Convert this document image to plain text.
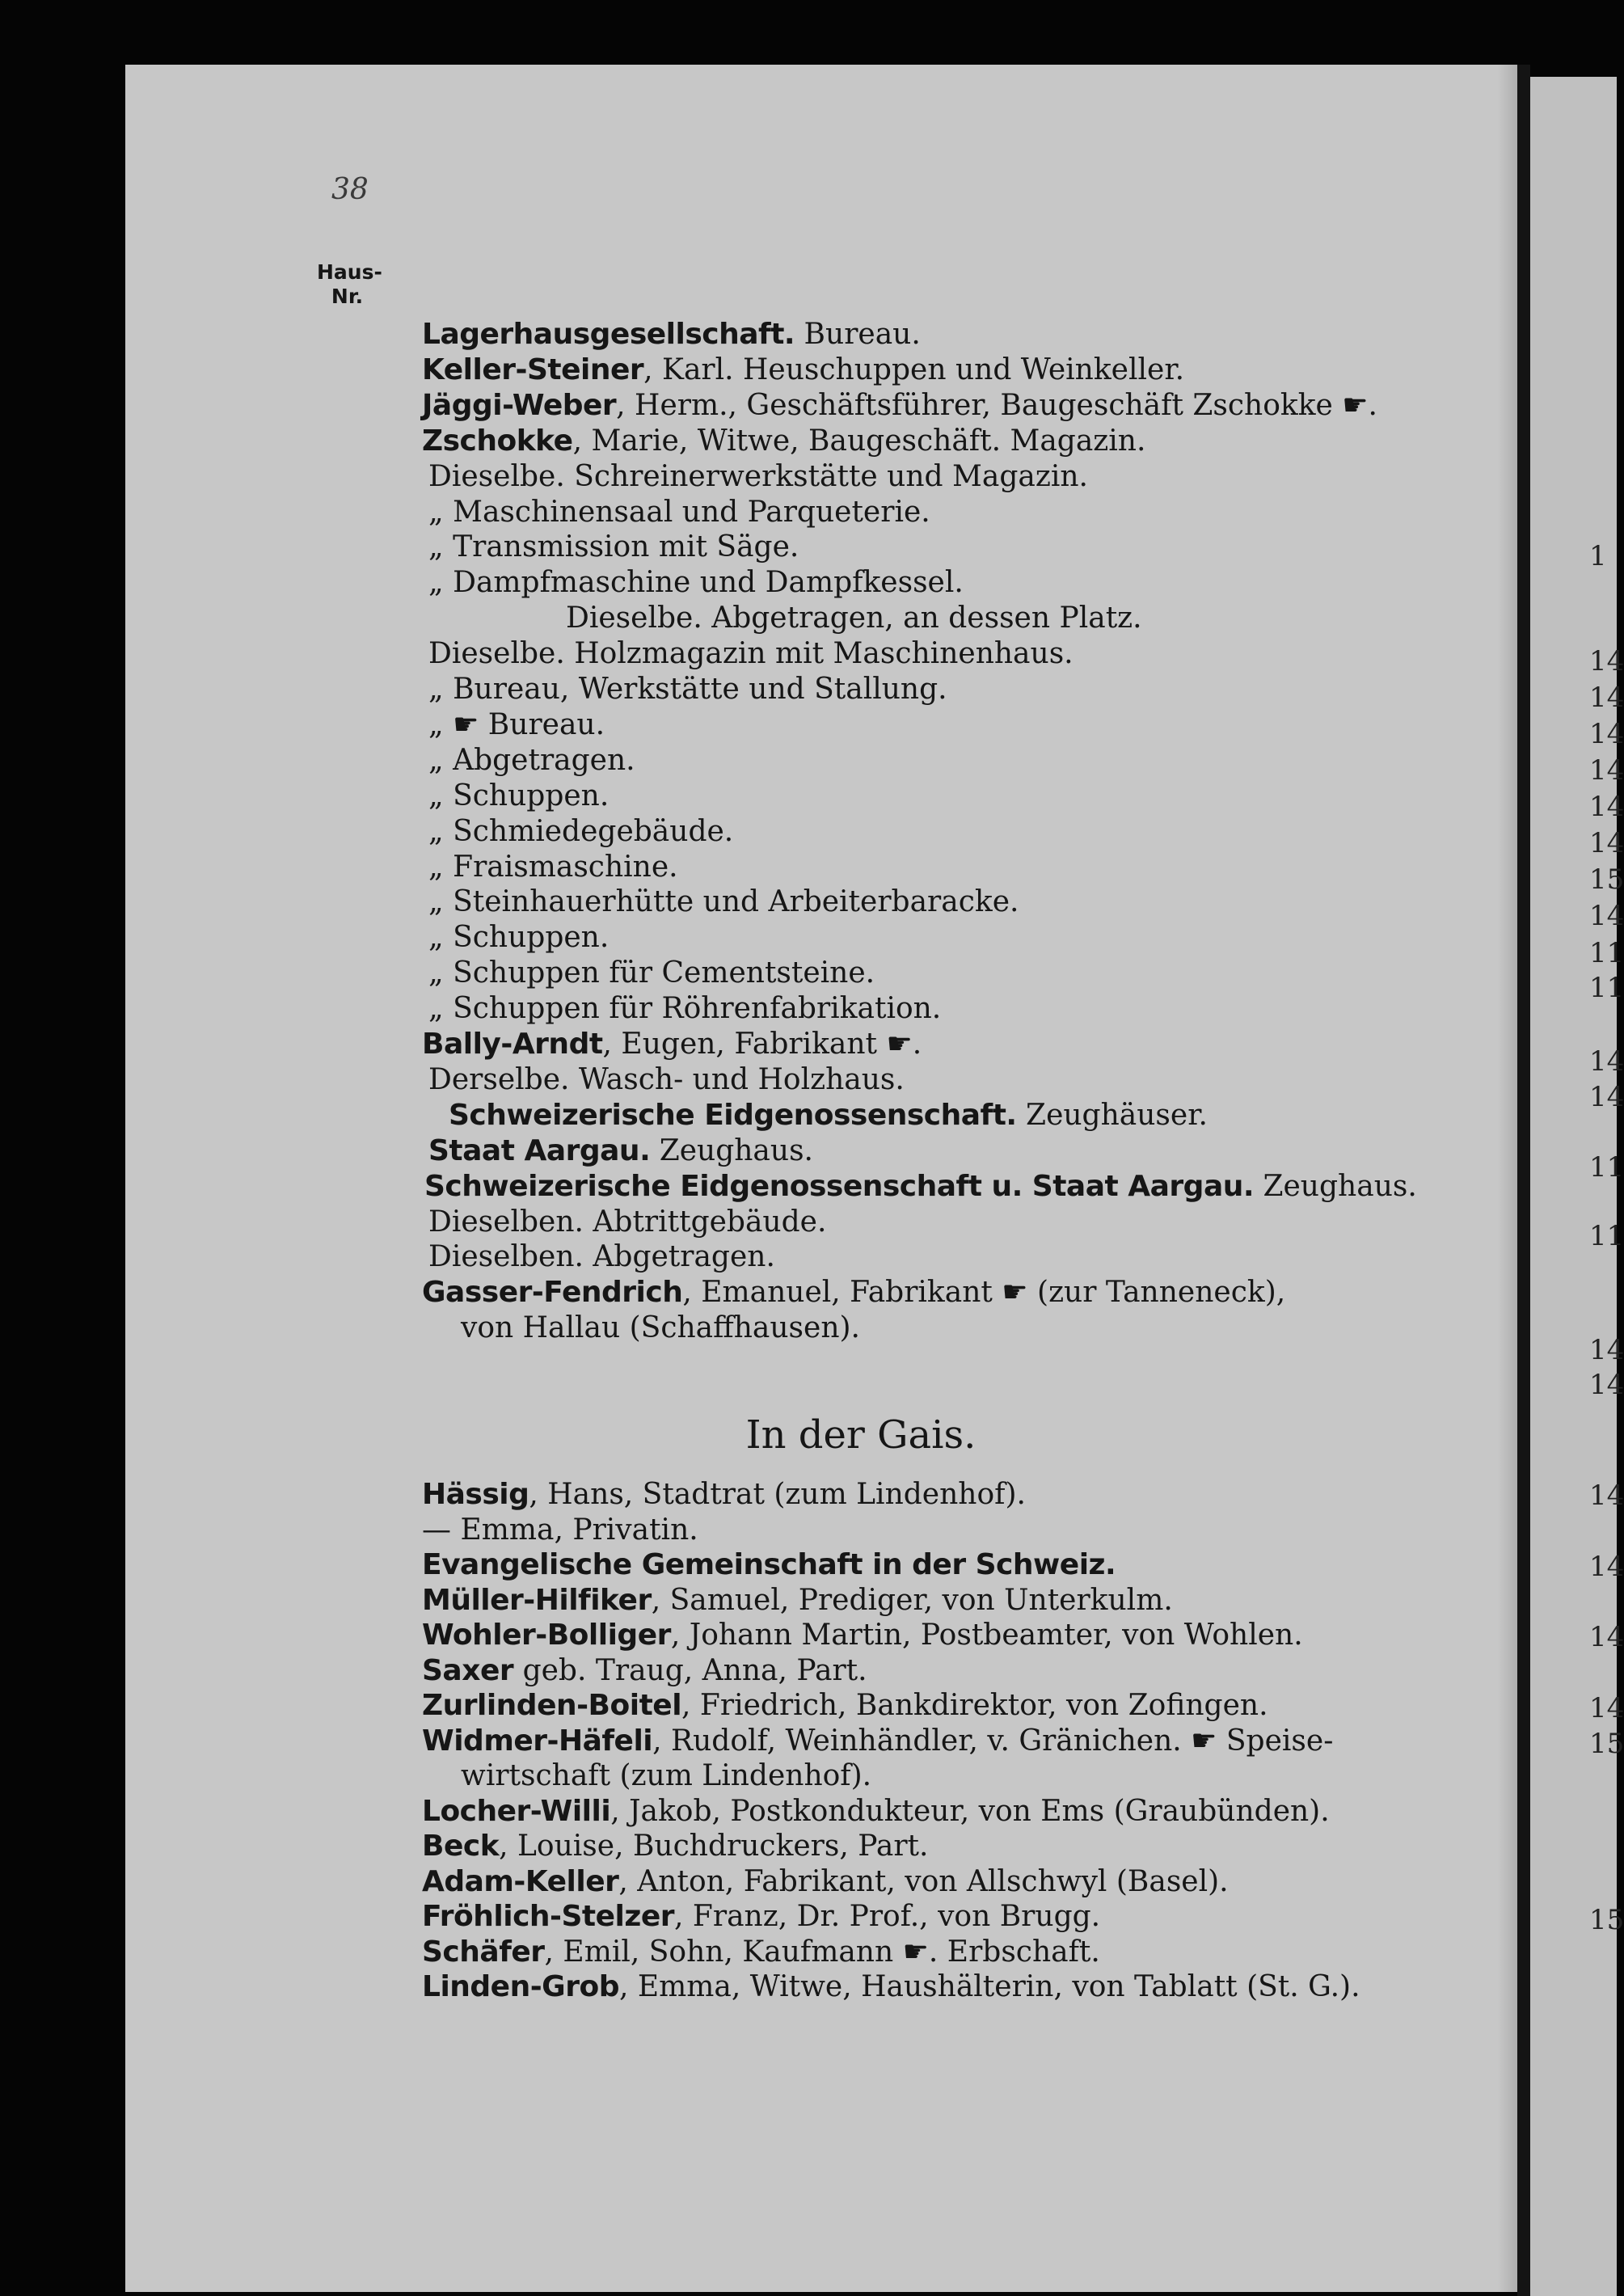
38
Haus- Nr.
In der Gais.
Lagerhausgesellschaft. Bureau.
Keller-Steiner, Karl. Heuschuppen und Weinkeller.
Jäggi-Weber, Herm., Geschäftsführer, Baugeschäft Zschokke ☛.
Zschokke, Marie, Witwe, Baugeschäft. Magazin.
Dieselbe. Schreinerwerkstätte und Magazin.
„ Maschinensaal und Parqueterie.
„ Transmission mit Säge.
„ Dampfmaschine und Dampfkessel.
Dieselbe. Abgetragen, an dessen Platz.
Dieselbe. Holzmagazin mit Maschinenhaus.
„ Bureau, Werkstätte und Stallung.
„ ☛ Bureau.
„ Abgetragen.
„ Schuppen.
„ Schmiedegebäude.
„ Fraismaschine.
„ Steinhauerhütte und Arbeiterbaracke.
„ Schuppen.
„ Schuppen für Cementsteine.
„ Schuppen für Röhrenfabrikation.
Bally-Arndt, Eugen, Fabrikant ☛.
Derselbe. Wasch- und Holzhaus.
Schweizerische Eidgenossenschaft. Zeughäuser.
Staat Aargau. Zeughaus.
Schweizerische Eidgenossenschaft u. Staat Aargau. Zeughaus.
Dieselben. Abtrittgebäude.
Dieselben. Abgetragen.
Gasser-Fendrich, Emanuel, Fabrikant ☛ (zur Tanneneck),
von Hallau (Schaffhausen).
Hässig, Hans, Stadtrat (zum Lindenhof).
— Emma, Privatin.
Evangelische Gemeinschaft in der Schweiz.
Müller-Hilfiker, Samuel, Prediger, von Unterkulm.
Wohler-Bolliger, Johann Martin, Postbeamter, von Wohlen.
Saxer geb. Traug, Anna, Part.
Zurlinden-Boitel, Friedrich, Bankdirektor, von Zofingen.
Widmer-Häfeli, Rudolf, Weinhändler, v. Gränichen. ☛ Speise-
wirtschaft (zum Lindenhof).
Locher-Willi, Jakob, Postkondukteur, von Ems (Graubünden).
Beck, Louise, Buchdruckers, Part.
Adam-Keller, Anton, Fabrikant, von Allschwyl (Basel).
Fröhlich-Stelzer, Franz, Dr. Prof., von Brugg.
Schäfer, Emil, Sohn, Kaufmann ☛. Erbschaft.
Linden-Grob, Emma, Witwe, Haushälterin, von Tablatt (St. G.).
1
14
14
14
14
14
14
15
14
11
11
14
14
11
11
14
14
14
14
14
14
15
15
